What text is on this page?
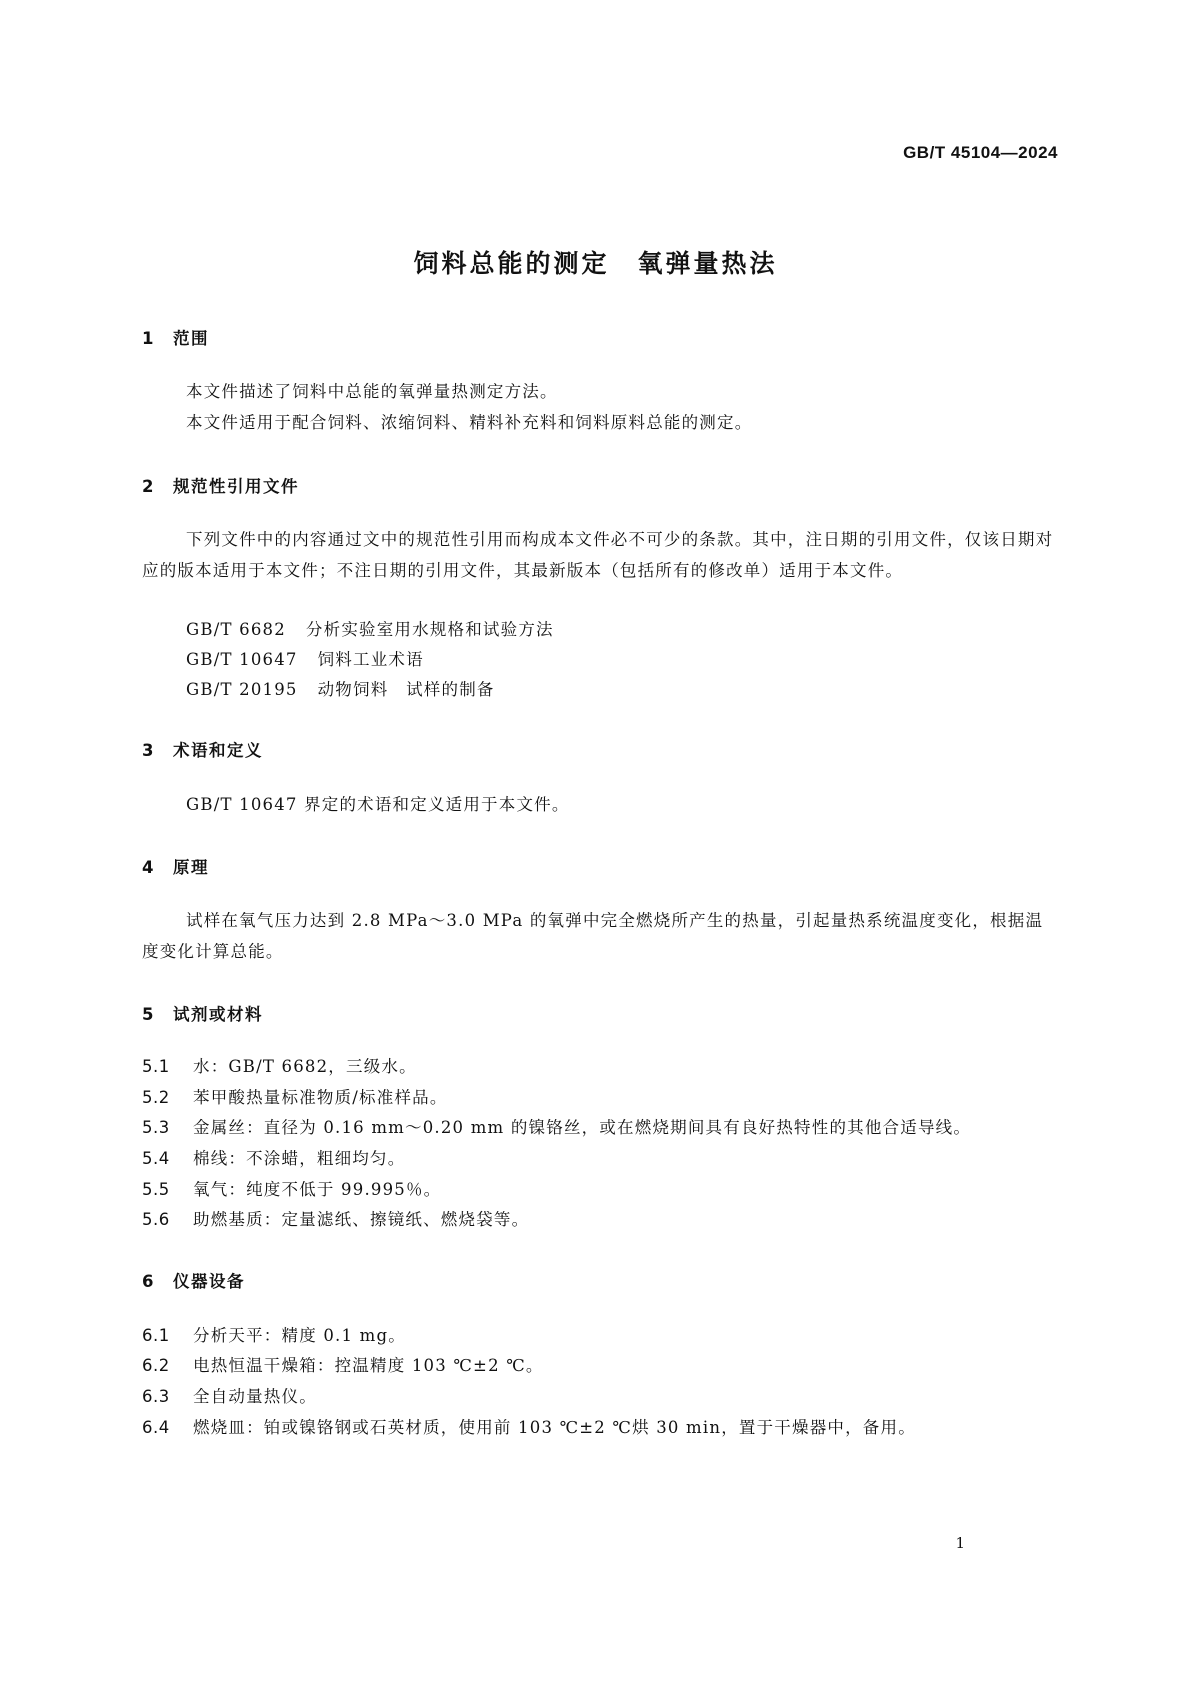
GB/T 45104—2024
饲料总能的测定　氧弹量热法
1 范围
本文件描述了饲料中总能的氧弹量热测定方法。
本文件适用于配合饲料、浓缩饲料、精料补充料和饲料原料总能的测定。
2 规范性引用文件
下列文件中的内容通过文中的规范性引用而构成本文件必不可少的条款。其中，注日期的引用文件，仅该日期对应的版本适用于本文件；不注日期的引用文件，其最新版本（包括所有的修改单）适用于本文件。
GB/T 6682 分析实验室用水规格和试验方法
GB/T 10647 饲料工业术语
GB/T 20195 动物饲料　试样的制备
3 术语和定义
GB/T 10647 界定的术语和定义适用于本文件。
4 原理
试样在氧气压力达到 2.8 MPa～3.0 MPa 的氧弹中完全燃烧所产生的热量，引起量热系统温度变化，根据温度变化计算总能。
5 试剂或材料
5.1 水：GB/T 6682，三级水。
5.2 苯甲酸热量标准物质/标准样品。
5.3 金属丝：直径为 0.16 mm～0.20 mm 的镍铬丝，或在燃烧期间具有良好热特性的其他合适导线。
5.4 棉线：不涂蜡，粗细均匀。
5.5 氧气：纯度不低于 99.995％。
5.6 助燃基质：定量滤纸、擦镜纸、燃烧袋等。
6 仪器设备
6.1 分析天平：精度 0.1 mg。
6.2 电热恒温干燥箱：控温精度 103 ℃±2 ℃。
6.3 全自动量热仪。
6.4 燃烧皿：铂或镍铬钢或石英材质，使用前 103 ℃±2 ℃烘 30 min，置于干燥器中，备用。
1
